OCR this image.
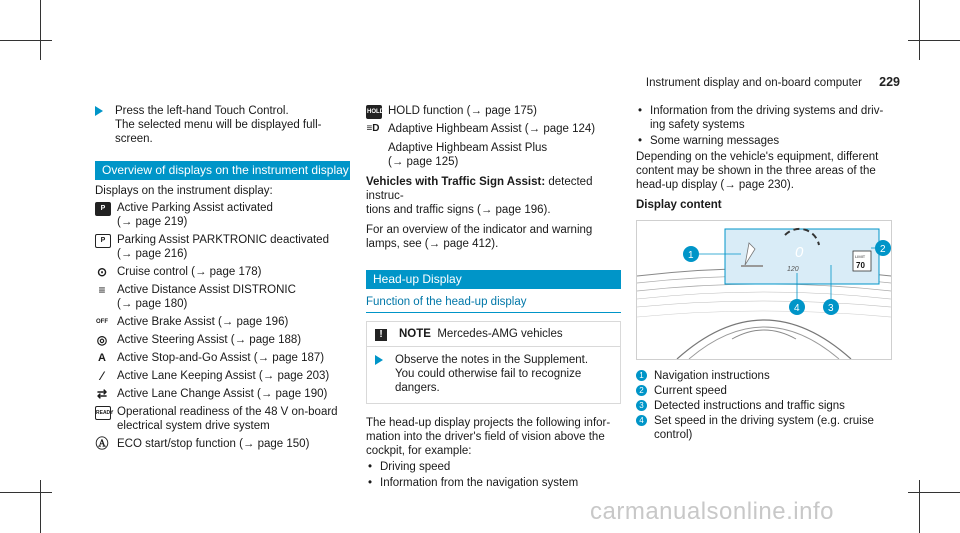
Instrument display and on-board computer 229
Press the left-hand Touch Control.
The selected menu will be displayed full-
screen.
Overview of displays on the instrument display
Displays on the instrument display:
P	Active Parking Assist activated
(→ page 219)
P	Parking Assist PARKTRONIC deactivated
(→ page 216)
⊙ Cruise control (→ page 178)
≡	Active Distance Assist DISTRONIC
(→ page 180)
OFF Active Brake Assist (→ page 196)
◎ Active Steering Assist (→ page 188)
A Active Stop-and-Go Assist (→ page 187)
⁄	Active Lane Keeping Assist (→ page 203)
⇄ Active Lane Change Assist (→ page 190)
READY Operational readiness of the 48 V on-board
electrical system drive system
Ⓐ ECO start/stop function (→ page 150)
HOLD HOLD function (→ page 175)
≡D Adaptive Highbeam Assist (→ page 124)
Adaptive Highbeam Assist Plus
(→ page 125)
Vehicles with Traffic Sign Assist: detected instruc-
tions and traffic signs (→ page 196).
For an overview of the indicator and warning
lamps, see (→ page 412).
Head-up Display
Function of the head-up display
! NOTE Mercedes-AMG vehicles
Observe the notes in the Supplement.
You could otherwise fail to recognize
dangers.
The head-up display projects the following infor-
mation into the driver's field of vision above the
cockpit, for example:
• Driving speed
• Information from the navigation system
• Information from the driving systems and driv-
ing safety systems
• Some warning messages
Depending on the vehicle's equipment, different
content may be shown in the three areas of the
head-up display (→ page 230).
Display content
0
120
LIMIT
70
1
2
3
4
1 Navigation instructions
2 Current speed
3 Detected instructions and traffic signs
4 Set speed in the driving system (e.g. cruise
control)
carmanualsonline.info
